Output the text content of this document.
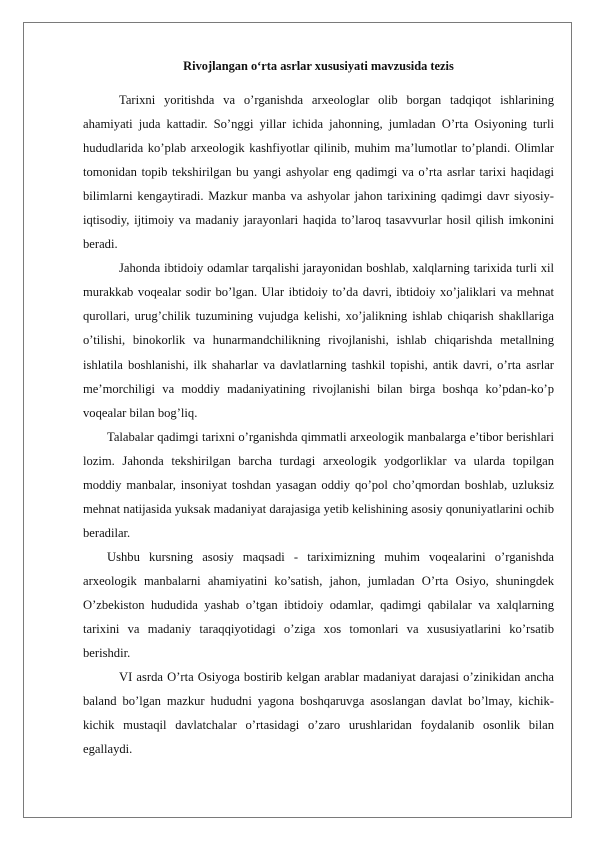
Rivojlangan o‘rta asrlar xususiyati mavzusida tezis

Tarixni yoritishda va o’rganishda arxeologlar olib borgan tadqiqot ishlarining ahamiyati juda kattadir. So’nggi yillar ichida jahonning, jumladan O’rta Osiyoning turli hududlarida ko’plab arxeologik kashfiyotlar qilinib, muhim ma’lumotlar to’plandi. Olimlar tomonidan topib tekshirilgan bu yangi ashyolar eng qadimgi va o’rta asrlar tarixi haqidagi bilimlarni kengaytiradi. Mazkur manba va ashyolar jahon tarixining qadimgi davr siyosiy-iqtisodiy, ijtimoiy va madaniy jarayonlari haqida to’laroq tasavvurlar hosil qilish imkonini beradi.

Jahonda ibtidoiy odamlar tarqalishi jarayonidan boshlab, xalqlarning tarixida turli xil murakkab voqealar sodir bo’lgan. Ular ibtidoiy to’da davri, ibtidoiy xo’jaliklari va mehnat qurollari, urug’chilik tuzumining vujudga kelishi, xo’jalikning ishlab chiqarish shakllariga o’tilishi, binokorlik va hunarmandchilikning rivojlanishi, ishlab chiqarishda metallning ishlatila boshlanishi, ilk shaharlar va davlatlarning tashkil topishi, antik davri, o’rta asrlar me’morchiligi va moddiy madaniyatining rivojlanishi bilan birga boshqa ko’pdan-ko’p voqealar bilan bog’liq.

Talabalar qadimgi tarixni o’rganishda qimmatli arxeologik manbalarga e’tibor berishlari lozim. Jahonda tekshirilgan barcha turdagi arxeologik yodgorliklar va ularda topilgan moddiy manbalar, insoniyat toshdan yasagan oddiy qo’pol cho’qmordan boshlab, uzluksiz mehnat natijasida yuksak madaniyat darajasiga yetib kelishining asosiy qonuniyatlarini ochib beradilar.

Ushbu kursning asosiy maqsadi - tariximizning muhim voqealarini o’rganishda arxeologik manbalarni ahamiyatini ko’satish, jahon, jumladan O’rta Osiyo, shuningdek O’zbekiston hududida yashab o’tgan ibtidoiy odamlar, qadimgi qabilalar va xalqlarning tarixini va madaniy taraqqiyotidagi o’ziga xos tomonlari va xususiyatlarini ko’rsatib berishdir.

VI asrda O’rta Osiyoga bostirib kelgan arablar madaniyat darajasi o’zinikidan ancha baland bo’lgan mazkur hududni yagona boshqaruvga asoslangan davlat bo’lmay, kichik-kichik mustaqil davlatchalar o’rtasidagi o’zaro urushlaridan foydalanib osonlik bilan egallaydi.
